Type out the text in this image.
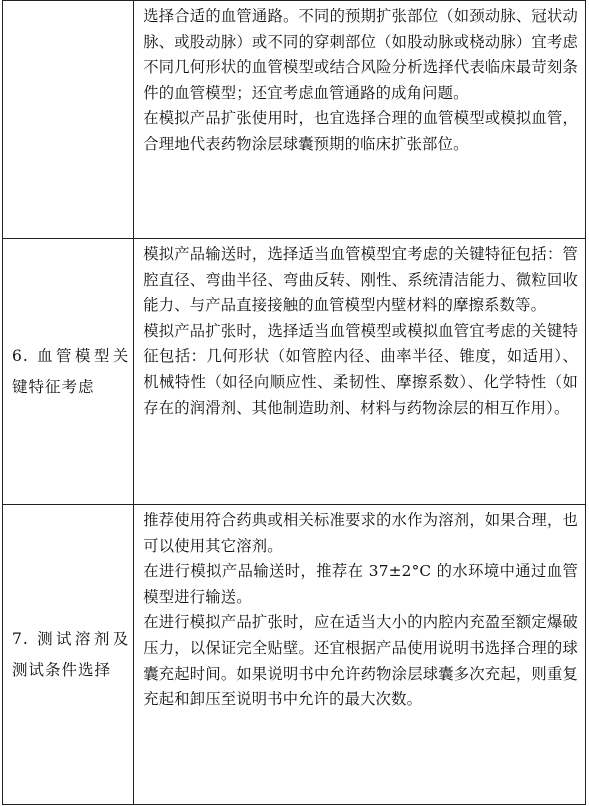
	选择合适的血管通路。不同的预期扩张部位（如颈动脉、冠状动脉、或股动脉）或不同的穿刺部位（如股动脉或桡动脉）宜考虑不同几何形状的血管模型或结合风险分析选择代表临床最苛刻条件的血管模型；还宜考虑血管通路的成角问题。

在模拟产品扩张使用时，也宜选择合理的血管模型或模拟血管，合理地代表药物涂层球囊预期的临床扩张部位。

6. 血管模型关键特征考虑	模拟产品输送时，选择适当血管模型宜考虑的关键特征包括：管腔直径、弯曲半径、弯曲反转、刚性、系统清洁能力、微粒回收能力、与产品直接接触的血管模型内壁材料的摩擦系数等。

模拟产品扩张时，选择适当血管模型或模拟血管宜考虑的关键特征包括：几何形状（如管腔内径、曲率半径、锥度，如适用）、机械特性（如径向顺应性、柔韧性、摩擦系数）、化学特性（如存在的润滑剂、其他制造助剂、材料与药物涂层的相互作用）。

7. 测试溶剂及测试条件选择	推荐使用符合药典或相关标准要求的水作为溶剂，如果合理，也可以使用其它溶剂。

在进行模拟产品输送时，推荐在 37±2°C 的水环境中通过血管模型进行输送。

在进行模拟产品扩张时，应在适当大小的内腔内充盈至额定爆破压力，以保证完全贴壁。还宜根据产品使用说明书选择合理的球囊充起时间。如果说明书中允许药物涂层球囊多次充起，则重复充起和卸压至说明书中允许的最大次数。
